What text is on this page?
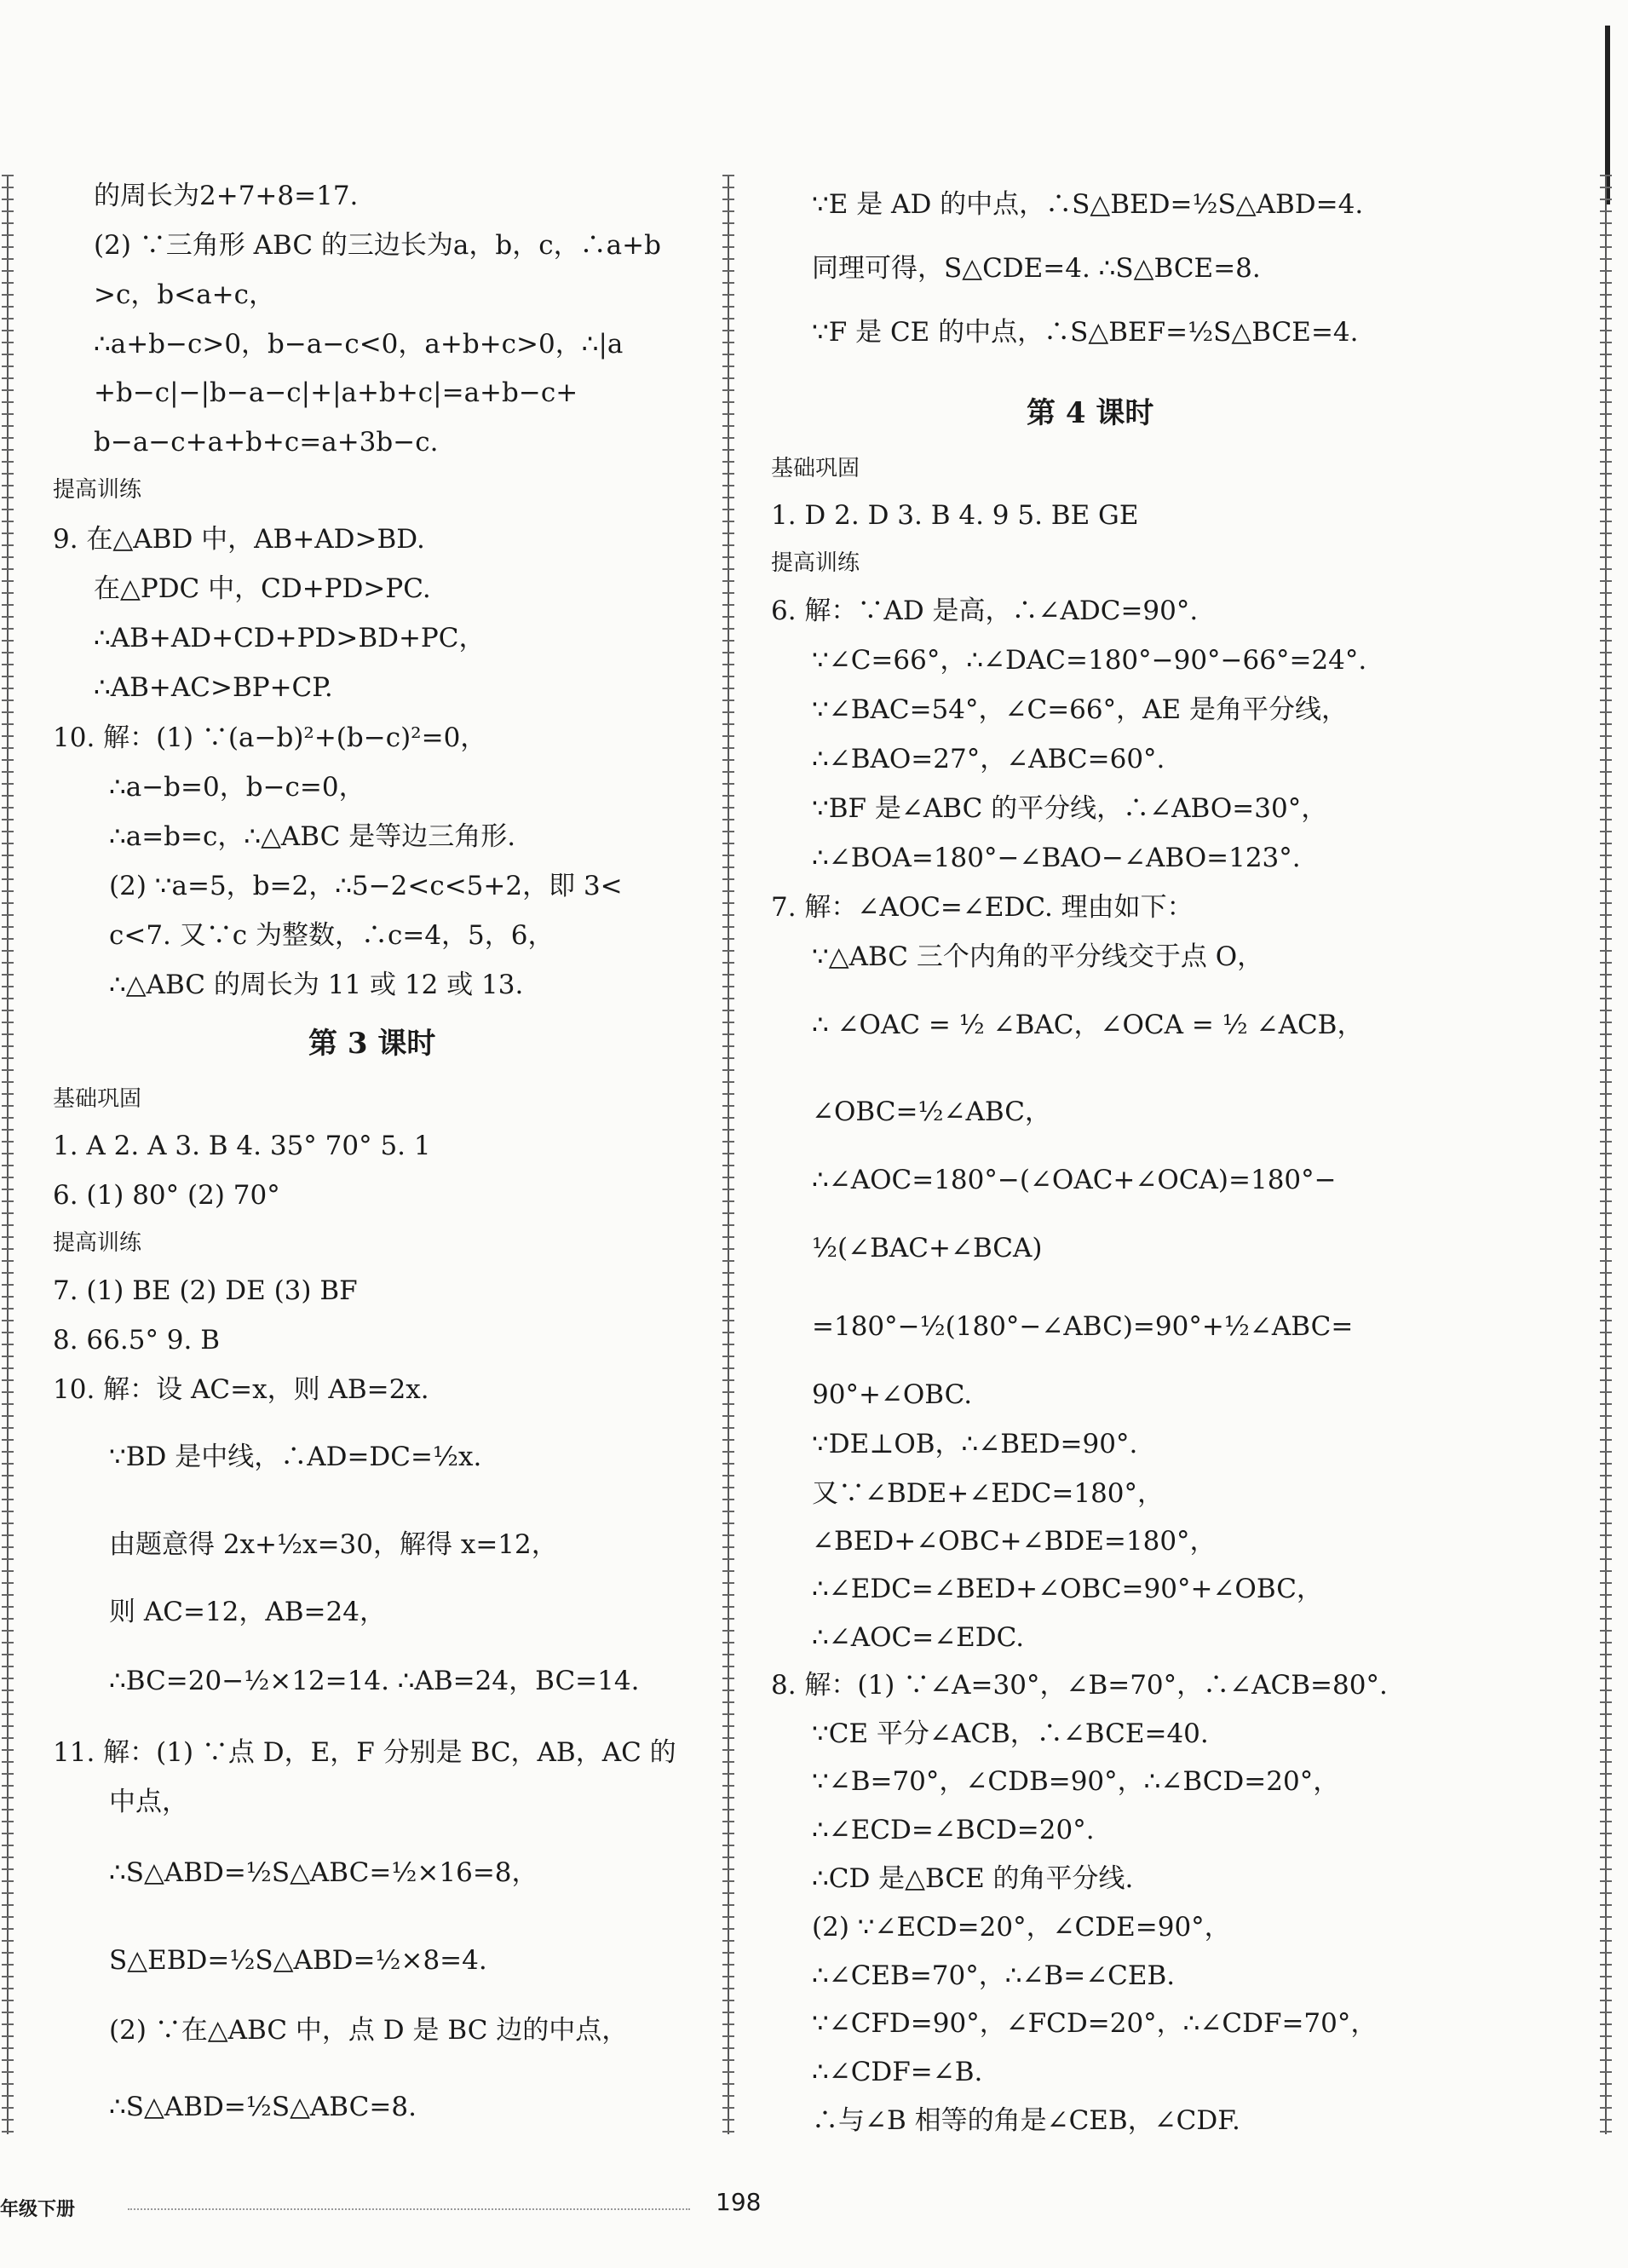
的周长为2+7+8=17.
(2) ∵三角形 ABC 的三边长为a，b，c，∴a+b
>c，b<a+c，
∴a+b−c>0，b−a−c<0，a+b+c>0，∴|a
+b−c|−|b−a−c|+|a+b+c|=a+b−c+
b−a−c+a+b+c=a+3b−c.
提高训练
9. 在△ABD 中，AB+AD>BD.
在△PDC 中，CD+PD>PC.
∴AB+AD+CD+PD>BD+PC，
∴AB+AC>BP+CP.
10. 解：(1) ∵(a−b)²+(b−c)²=0，
∴a−b=0，b−c=0，
∴a=b=c，∴△ABC 是等边三角形.
(2) ∵a=5，b=2，∴5−2<c<5+2，即 3<
c<7. 又∵c 为整数，∴c=4，5，6，
∴△ABC 的周长为 11 或 12 或 13.
第 3 课时
基础巩固
1. A 2. A 3. B 4. 35° 70° 5. 1
6. (1) 80° (2) 70°
提高训练
7. (1) BE (2) DE (3) BF
8. 66.5° 9. B
10. 解：设 AC=x，则 AB=2x.
∵BD 是中线，∴AD=DC=½x.
由题意得 2x+½x=30，解得 x=12，
则 AC=12，AB=24，
∴BC=20−½×12=14. ∴AB=24，BC=14.
11. 解：(1) ∵点 D，E，F 分别是 BC，AB，AC 的
中点，
∴S△ABD=½S△ABC=½×16=8，
S△EBD=½S△ABD=½×8=4.
(2) ∵在△ABC 中，点 D 是 BC 边的中点，
∴S△ABD=½S△ABC=8.
∵E 是 AD 的中点，∴S△BED=½S△ABD=4.
同理可得，S△CDE=4. ∴S△BCE=8.
∵F 是 CE 的中点，∴S△BEF=½S△BCE=4.
第 4 课时
基础巩固
1. D 2. D 3. B 4. 9 5. BE GE
提高训练
6. 解：∵AD 是高，∴∠ADC=90°.
∵∠C=66°，∴∠DAC=180°−90°−66°=24°.
∵∠BAC=54°，∠C=66°，AE 是角平分线，
∴∠BAO=27°，∠ABC=60°.
∵BF 是∠ABC 的平分线，∴∠ABO=30°，
∴∠BOA=180°−∠BAO−∠ABO=123°.
7. 解：∠AOC=∠EDC. 理由如下：
∵△ABC 三个内角的平分线交于点 O，
∴ ∠OAC = ½ ∠BAC，∠OCA = ½ ∠ACB，
∠OBC=½∠ABC，
∴∠AOC=180°−(∠OAC+∠OCA)=180°−
½(∠BAC+∠BCA)
=180°−½(180°−∠ABC)=90°+½∠ABC=
90°+∠OBC.
∵DE⊥OB，∴∠BED=90°.
又∵∠BDE+∠EDC=180°，
∠BED+∠OBC+∠BDE=180°，
∴∠EDC=∠BED+∠OBC=90°+∠OBC，
∴∠AOC=∠EDC.
8. 解：(1) ∵∠A=30°，∠B=70°，∴∠ACB=80°.
∵CE 平分∠ACB，∴∠BCE=40.
∵∠B=70°，∠CDB=90°，∴∠BCD=20°，
∴∠ECD=∠BCD=20°.
∴CD 是△BCE 的角平分线.
(2) ∵∠ECD=20°，∠CDE=90°，
∴∠CEB=70°，∴∠B=∠CEB.
∵∠CFD=90°，∠FCD=20°，∴∠CDF=70°，
∴∠CDF=∠B.
∴与∠B 相等的角是∠CEB，∠CDF.
年级下册	198
